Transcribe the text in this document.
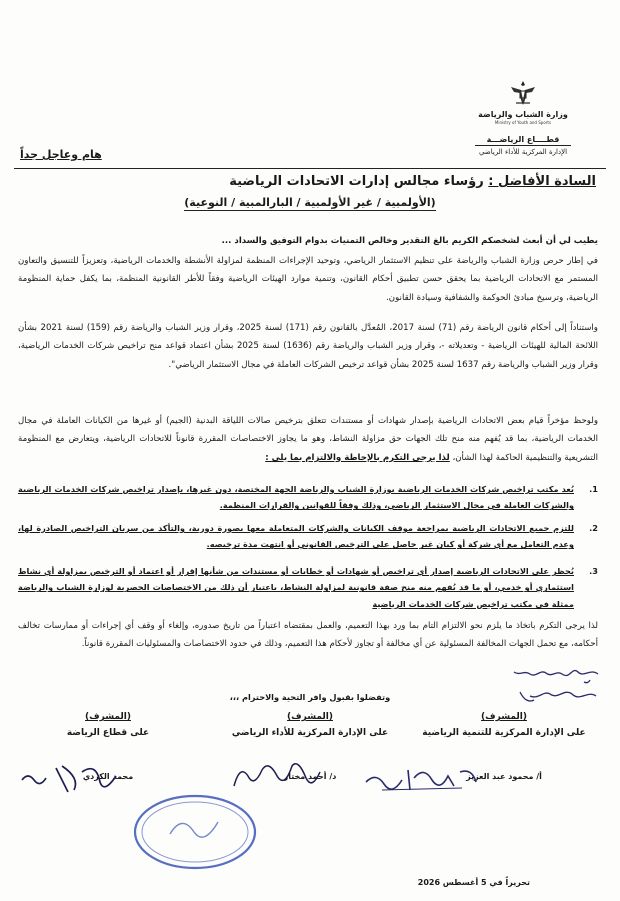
وزارة الشباب والرياضة
Ministry of Youth and Sports
قطــــاع الرياضـــة
الإدارة المركزية للأداء الرياضي
هام وعاجل جداً
السادة الأفاضل : رؤساء مجالس إدارات الاتحادات الرياضية
(الأولمبية / غير الأولمبية / البارالمبية / النوعية)
يطيب لي أن أبعث لشخصكم الكريم بالغ التقدير وخالص التمنيات بدوام التوفيق والسداد ...
في إطار حرص وزارة الشباب والرياضة على تنظيم الاستثمار الرياضي، وتوحيد الإجراءات المنظمة لمزاولة الأنشطة والخدمات الرياضية، وتعزيزاً للتنسيق والتعاون المستمر مع الاتحادات الرياضية بما يحقق حسن تطبيق أحكام القانون، وتنمية موارد الهيئات الرياضية وفقاً للأطر القانونية المنظمة، بما يكفل حماية المنظومة الرياضية، وترسيخ مبادئ الحوكمة والشفافية وسيادة القانون.
واستناداً إلى أحكام قانون الرياضة رقم (71) لسنة 2017، المُعدَّل بالقانون رقم (171) لسنة 2025، وقرار وزير الشباب والرياضة رقم (159) لسنة 2021 بشأن اللائحة المالية للهيئات الرياضية - وتعديلاته -، وقرار وزير الشباب والرياضة رقم (1636) لسنة 2025 بشأن اعتماد قواعد منح تراخيص شركات الخدمات الرياضية، وقرار وزير الشباب والرياضة رقم 1637 لسنة 2025 بشأن قواعد ترخيص الشركات العاملة في مجال الاستثمار الرياضي".
ولوحظ مؤخراً قيام بعض الاتحادات الرياضية بإصدار شهادات أو مستندات تتعلق بترخيص صالات اللياقة البدنية (الجيم) أو غيرها من الكيانات العاملة في مجال الخدمات الرياضية، بما قد يُفهم منه منح تلك الجهات حق مزاولة النشاط، وهو ما يجاوز الاختصاصات المقررة قانوناً للاتحادات الرياضية، ويتعارض مع المنظومة التشريعية والتنظيمية الحاكمة لهذا الشأن، لذا يرجى التكرم بالإحاطة والالتزام بما يلي :
1.
يُعد مكتب تراخيص شركات الخدمات الرياضية بوزارة الشباب والرياضة الجهة المختصة، دون غيرها، بإصدار تراخيص شركات الخدمات الرياضية والشركات العاملة في مجال الاستثمار الرياضي، وذلك وفقاً للقوانين والقرارات المنظمة.
2.
للتزم جميع الاتحادات الرياضية بمراجعة موقف الكيانات والشركات المتعاملة معها بصورة دورية، والتأكد من سريان التراخيص الصادرة لها، وعدم التعامل مع أي شركة أو كيان غير حاصل على الترخيص القانوني أو انتهت مدة ترخيصه.
3.
يُحظر على الاتحادات الرياضية إصدار أي تراخيص أو شهادات أو خطابات أو مستندات من شأنها إقرار أو اعتماد أو الترخيص بمزاولة أي نشاط استثماري أو خدمي، أو ما قد يُفهم منه منح صفة قانونية لمزاولة النشاط، باعتبار أن ذلك من الاختصاصات الحصرية لوزارة الشباب والرياضة ممثلة في مكتب تراخيص شركات الخدمات الرياضية
لذا يرجى التكرم باتخاذ ما يلزم نحو الالتزام التام بما ورد بهذا التعميم، والعمل بمقتضاه اعتباراً من تاريخ صدوره، وإلغاء أو وقف أي إجراءات أو ممارسات تخالف أحكامه، مع تحمل الجهات المخالفة المسئولية عن أي مخالفة أو تجاوز لأحكام هذا التعميم، وذلك في حدود الاختصاصات والمسئوليات المقررة قانوناً.
وتفضلوا بقبول وافر التحية والاحترام ،،،
(المشرف)
على الإدارة المركزية للتنمية الرياضية
أ/ محمود عبد العزيز
(المشرف)
على الإدارة المركزية للأداء الرياضي
د/ أحمد مختار
(المشرف)
على قطاع الرياضة
محمد الكردي
تحريراً في 5 أغسطس 2026
